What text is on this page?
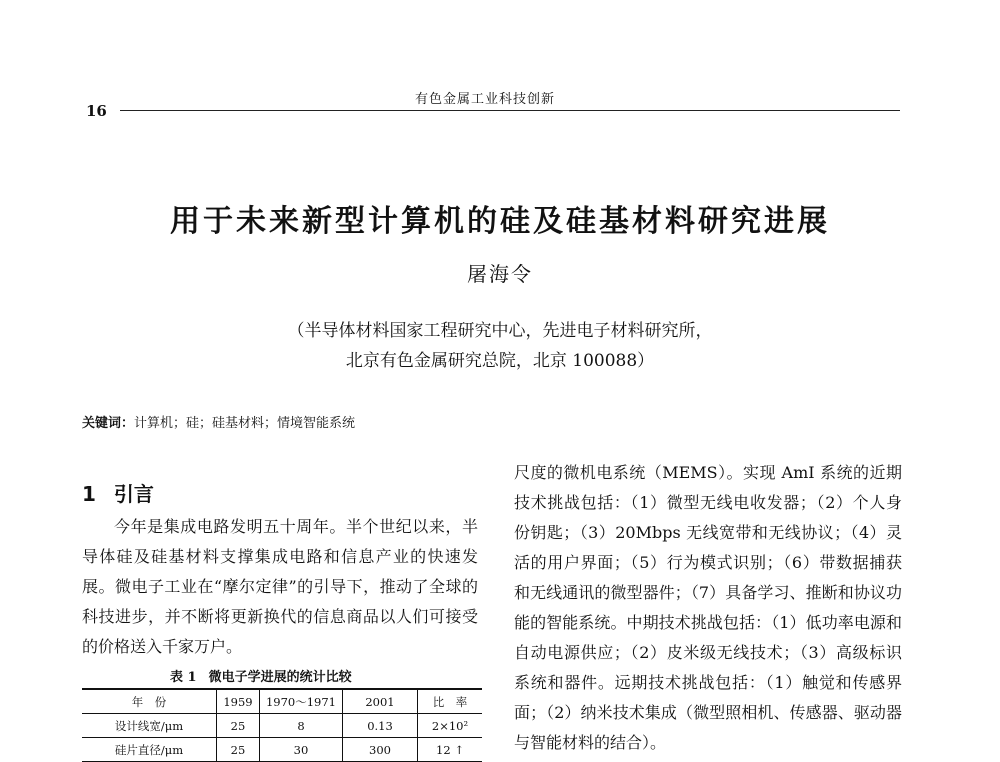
有色金属工业科技创新
16
用于未来新型计算机的硅及硅基材料研究进展
屠海令
（半导体材料国家工程研究中心，先进电子材料研究所，
北京有色金属研究总院，北京 100088）
关键词：计算机；硅；硅基材料；情境智能系统
1 引言

今年是集成电路发明五十周年。半个世纪以来，半导体硅及硅基材料支撑集成电路和信息产业的快速发展。微电子工业在“摩尔定律”的引导下，推动了全球的科技进步，并不断将更新换代的信息商品以人们可接受的价格送入千家万户。

表 1 微电子学进展的统计比较
年　份	1959	1970～1971	2001	比　率
设计线宽/μm	25	8	0.13	2×10²
硅片直径/μm	25	30	300	12 ↑

尺度的微机电系统（MEMS）。实现 AmI 系统的近期技术挑战包括：（1）微型无线电收发器；（2）个人身份钥匙；（3）20Mbps 无线宽带和无线协议；（4）灵活的用户界面；（5）行为模式识别；（6）带数据捕获和无线通讯的微型器件；（7）具备学习、推断和协议功能的智能系统。中期技术挑战包括：（1）低功率电源和自动电源供应；（2）皮米级无线技术；（3）高级标识系统和器件。远期技术挑战包括：（1）触觉和传感界面；（2）纳米技术集成（微型照相机、传感器、驱动器与智能材料的结合）。
